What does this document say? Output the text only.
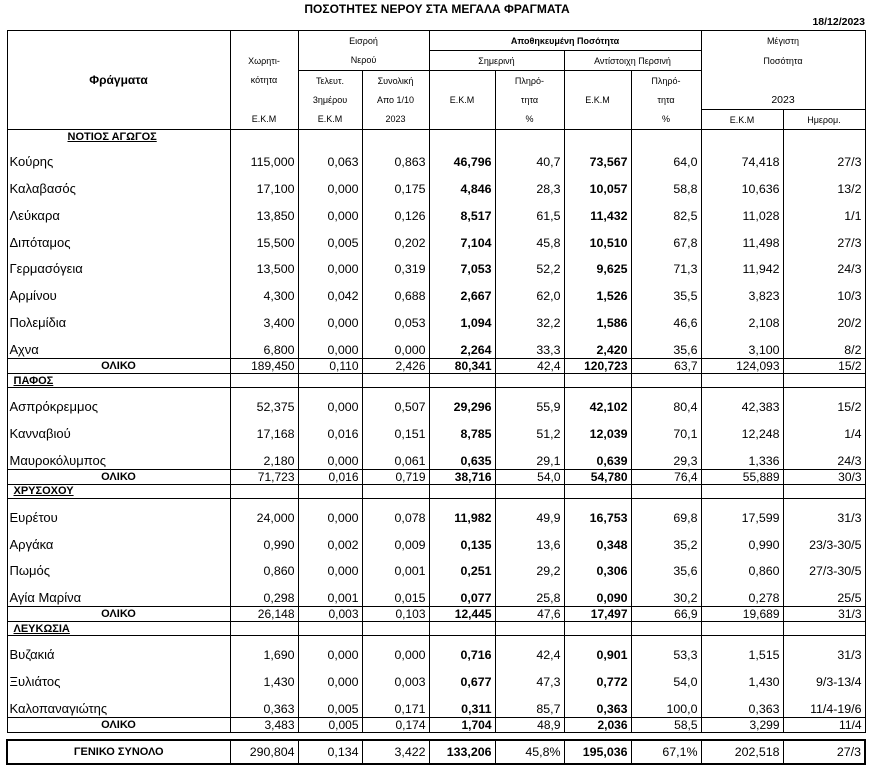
ΠΟΣΟΤΗΤΕΣ ΝΕΡΟΥ ΣΤΑ ΜΕΓΑΛΑ ΦΡΑΓΜΑΤΑ
18/12/2023
		Εισροή		Αποθηκευμένη Ποσότητα				Μέγιστη	
	Χωρητι-	Νερού		Σημερινή		Αντίστοιχη Περσινή		Ποσότητα	
Φράγματα	κότητα	Τελευτ.	Συνολική		Πληρό-		Πληρό-		
		3ημέρου	Απο 1/10	Ε.Κ.Μ	τητα	Ε.Κ.Μ	τητα	2023	
	Ε.Κ.Μ	Ε.Κ.Μ	2023		%		%	Ε.Κ.Μ	Ημερομ.
ΝΟΤΙΟΣ ΑΓΩΓΟΣ									
Κούρης	115,000	0,063	0,863	46,796	40,7	73,567	64,0	74,418	27/3
Καλαβασός	17,100	0,000	0,175	4,846	28,3	10,057	58,8	10,636	13/2
Λεύκαρα	13,850	0,000	0,126	8,517	61,5	11,432	82,5	11,028	1/1
Διπόταμος	15,500	0,005	0,202	7,104	45,8	10,510	67,8	11,498	27/3
Γερμασόγεια	13,500	0,000	0,319	7,053	52,2	9,625	71,3	11,942	24/3
Αρμίνου	4,300	0,042	0,688	2,667	62,0	1,526	35,5	3,823	10/3
Πολεμίδια	3,400	0,000	0,053	1,094	32,2	1,586	46,6	2,108	20/2
Αχνα	6,800	0,000	0,000	2,264	33,3	2,420	35,6	3,100	8/2
ΟΛΙΚΟ	189,450	0,110	2,426	80,341	42,4	120,723	63,7	124,093	15/2
ΠΑΦΟΣ									
Ασπρόκρεμμος	52,375	0,000	0,507	29,296	55,9	42,102	80,4	42,383	15/2
Κανναβιού	17,168	0,016	0,151	8,785	51,2	12,039	70,1	12,248	1/4
Μαυροκόλυμπος	2,180	0,000	0,061	0,635	29,1	0,639	29,3	1,336	24/3
ΟΛΙΚΟ	71,723	0,016	0,719	38,716	54,0	54,780	76,4	55,889	30/3
ΧΡΥΣΟΧΟΥ									
Ευρέτου	24,000	0,000	0,078	11,982	49,9	16,753	69,8	17,599	31/3
Αργάκα	0,990	0,002	0,009	0,135	13,6	0,348	35,2	0,990	23/3-30/5
Πωμός	0,860	0,000	0,001	0,251	29,2	0,306	35,6	0,860	27/3-30/5
Αγία Μαρίνα	0,298	0,001	0,015	0,077	25,8	0,090	30,2	0,278	25/5
ΟΛΙΚΟ	26,148	0,003	0,103	12,445	47,6	17,497	66,9	19,689	31/3
ΛΕΥΚΩΣΙΑ									
Βυζακιά	1,690	0,000	0,000	0,716	42,4	0,901	53,3	1,515	31/3
Ξυλιάτος	1,430	0,000	0,003	0,677	47,3	0,772	54,0	1,430	9/3-13/4
Καλοπαναγιώτης	0,363	0,005	0,171	0,311	85,7	0,363	100,0	0,363	11/4-19/6
ΟΛΙΚΟ	3,483	0,005	0,174	1,704	48,9	2,036	58,5	3,299	11/4

ΓΕΝΙΚΟ ΣΥΝΟΛΟ	290,804	0,134	3,422	133,206	45,8%	195,036	67,1%	202,518	27/3
